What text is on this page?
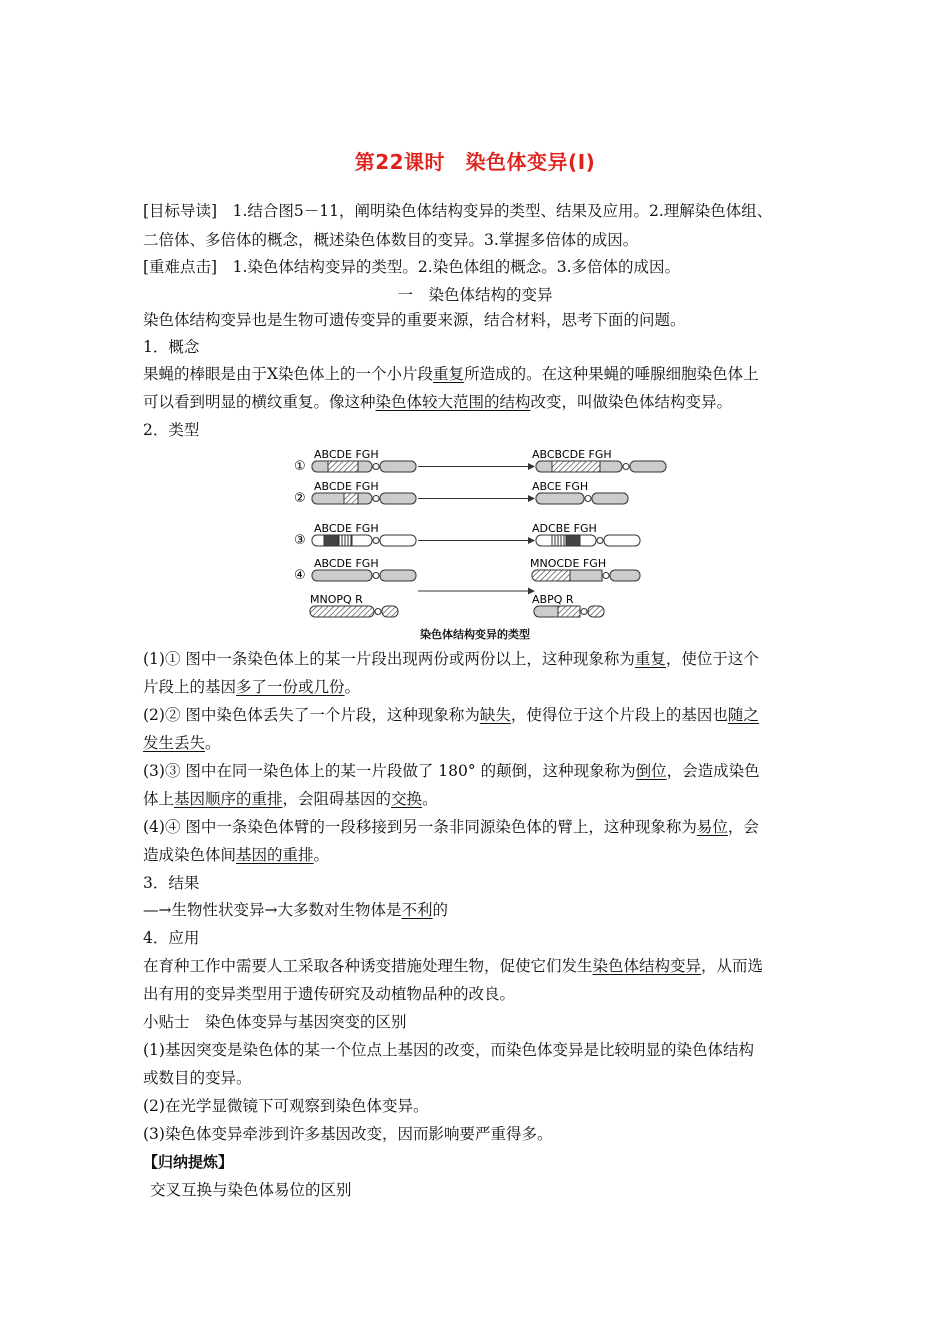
第22课时　染色体变异(Ⅰ)
[目标导读]　 1.结合图5－11，阐明染色体结构变异的类型、结果及应用。2.理解染色体组、
二倍体、多倍体的概念，概述染色体数目的变异。3.掌握多倍体的成因。
[重难点击]　 1.染色体结构变异的类型。2.染色体组的概念。3.多倍体的成因。
一　染色体结构的变异
染色体结构变异也是生物可遗传变异的重要来源，结合材料，思考下面的问题。
1．概念
果蝇的棒眼是由于X染色体上的一个小片段重复所造成的。在这种果蝇的唾腺细胞染色体上
可以看到明显的横纹重复。像这种染色体较大范围的结构改变，叫做染色体结构变异。
2．类型
①
②
③
④
ABCDE FGH
ABCDE FGH
ABCDE FGH
ABCDE FGH
MNOPQ R
ABCBCDE FGH
ABCE FGH
ADCBE FGH
MNOCDE FGH
ABPQ R
染色体结构变异的类型
(1)① 图中一条染色体上的某一片段出现两份或两份以上，这种现象称为重复，使位于这个
片段上的基因多了一份或几份。
(2)② 图中染色体丢失了一个片段，这种现象称为缺失，使得位于这个片段上的基因也随之
发生丢失。
(3)③ 图中在同一染色体上的某一片段做了 180° 的颠倒，这种现象称为倒位，会造成染色
体上基因顺序的重排，会阻碍基因的交换。
(4)④ 图中一条染色体臂的一段移接到另一条非同源染色体的臂上，这种现象称为易位，会
造成染色体间基因的重排。
3．结果
—→生物性状变异→大多数对生物体是不利的
4．应用
在育种工作中需要人工采取各种诱变措施处理生物，促使它们发生染色体结构变异，从而选
出有用的变异类型用于遗传研究及动植物品种的改良。
小贴士　染色体变异与基因突变的区别
(1)基因突变是染色体的某一个位点上基因的改变，而染色体变异是比较明显的染色体结构
或数目的变异。
(2)在光学显微镜下可观察到染色体变异。
(3)染色体变异牵涉到许多基因改变，因而影响要严重得多。
【归纳提炼】
交叉互换与染色体易位的区别
